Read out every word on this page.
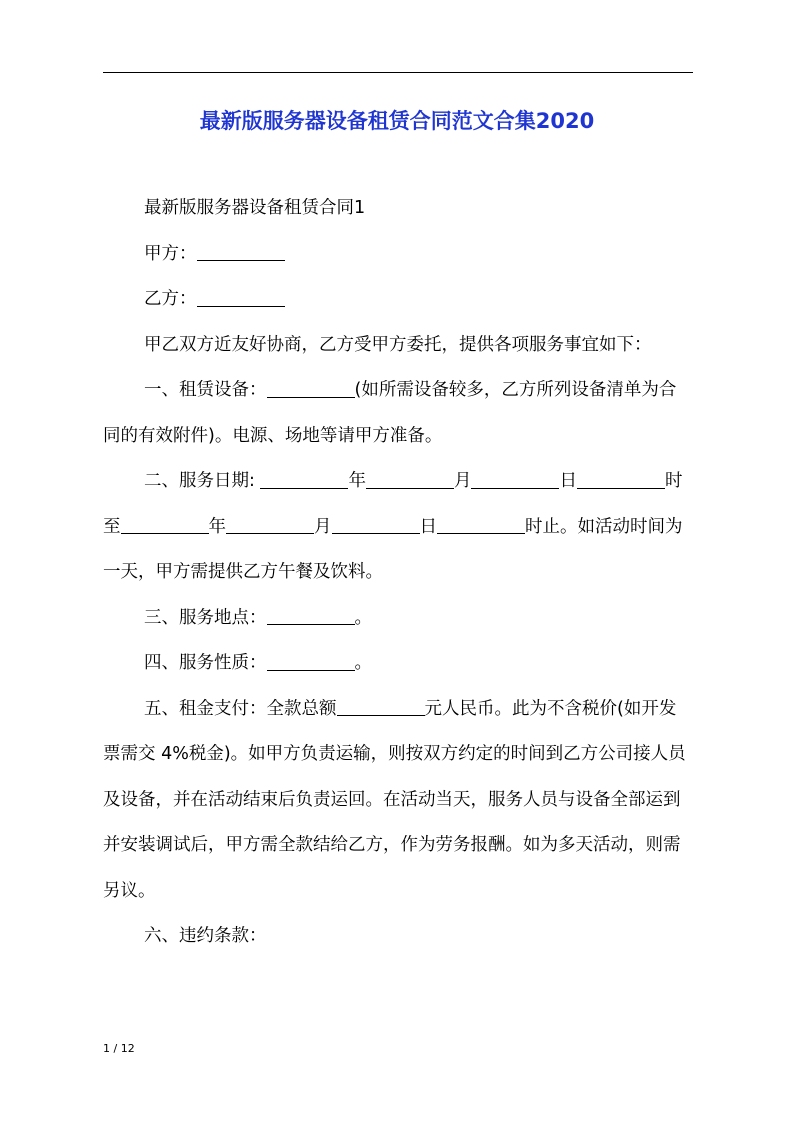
最新版服务器设备租赁合同范文合集2020

最新版服务器设备租赁合同1

甲方：

乙方：

甲乙双方近友好协商，乙方受甲方委托，提供各项服务事宜如下：

一、租赁设备：	(如所需设备较多，乙方所列设备清单为合同的有效附件)。电源、场地等请甲方准备。

二、服务日期:	年	月	日	时至	年	月	日	时止。如活动时间为一天，甲方需提供乙方午餐及饮料。

三、服务地点：	。

四、服务性质：	。

五、租金支付：全款总额	元人民币。此为不含税价(如开发票需交 4%税金)。如甲方负责运输，则按双方约定的时间到乙方公司接人员及设备，并在活动结束后负责运回。在活动当天，服务人员与设备全部运到并安装调试后，甲方需全款结给乙方，作为劳务报酬。如为多天活动，则需另议。

六、违约条款：

1 / 12
